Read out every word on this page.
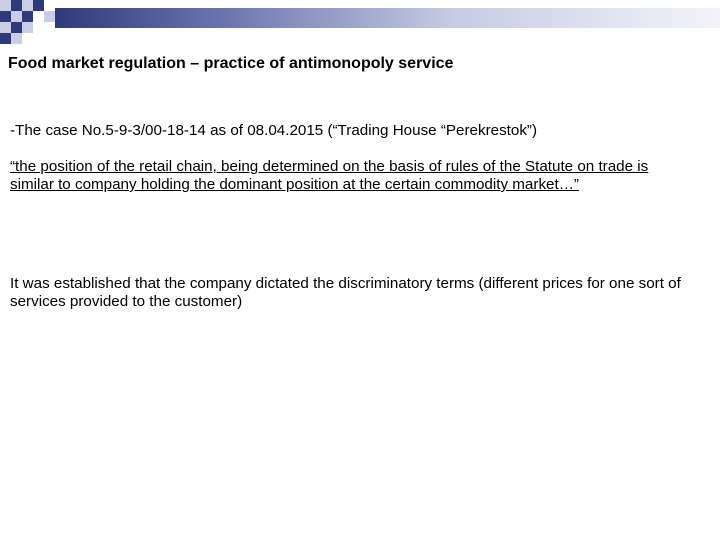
Food market regulation – practice of antimonopoly service

-The case No.5-9-3/00-18-14 as of 08.04.2015 (“Trading House “Perekrestok”)

“the position of the retail chain, being determined on the basis of rules of the Statute on trade is similar to company holding the dominant position at the certain commodity market…”

It was established that the company dictated the discriminatory terms (different prices for one sort of services provided to the customer)
